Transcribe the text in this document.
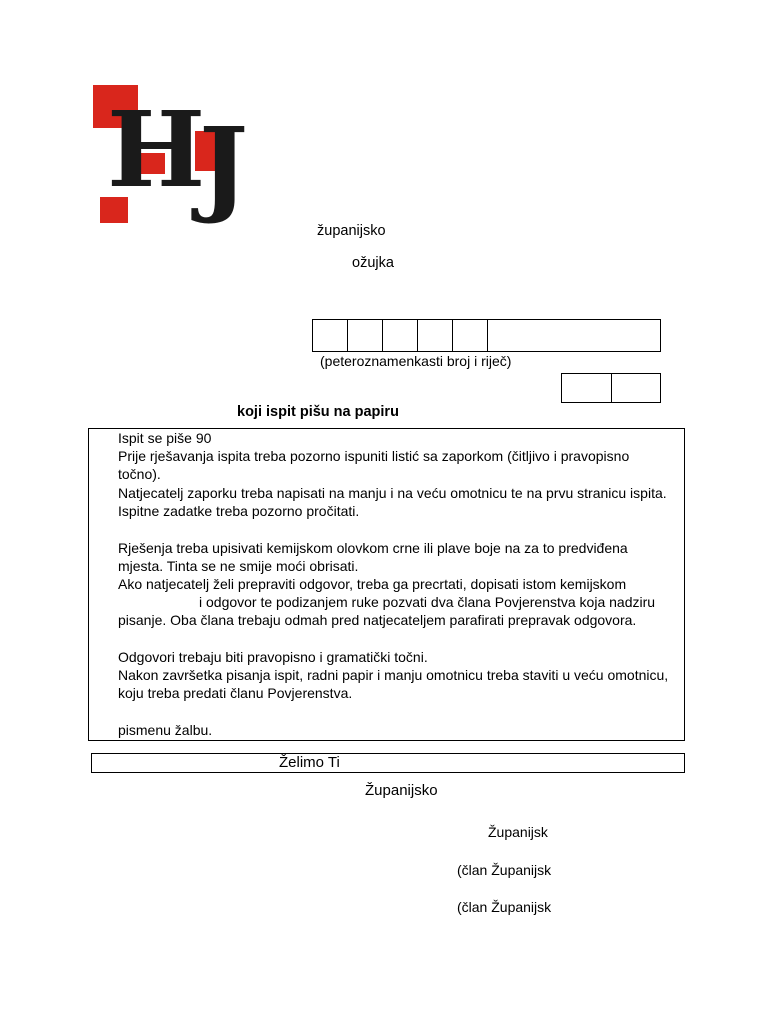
H
J
županijsko
ožujka
(peteroznamenkasti broj i riječ)
koji ispit pišu na papiru
Ispit se piše 90
Prije rješavanja ispita treba pozorno ispuniti listić sa zaporkom (čitljivo i pravopisno
točno).
Natjecatelj zaporku treba napisati na manju i na veću omotnicu te na prvu stranicu ispita.
Ispitne zadatke treba pozorno pročitati.
Rješenja treba upisivati kemijskom olovkom crne ili plave boje na za to predviđena
mjesta. Tinta se ne smije moći obrisati.
Ako natjecatelj želi prepraviti odgovor, treba ga precrtati, dopisati istom kemijskom
i odgovor te podizanjem ruke pozvati dva člana Povjerenstva koja nadziru
pisanje. Oba člana trebaju odmah pred natjecateljem parafirati prepravak odgovora.
Odgovori trebaju biti pravopisno i gramatički točni.
Nakon završetka pisanja ispit, radni papir i manju omotnicu treba staviti u veću omotnicu,
koju treba predati članu Povjerenstva.
pismenu žalbu.
Želimo Ti
Županijsko
Županijsk
(član Županijsk
(član Županijsk
